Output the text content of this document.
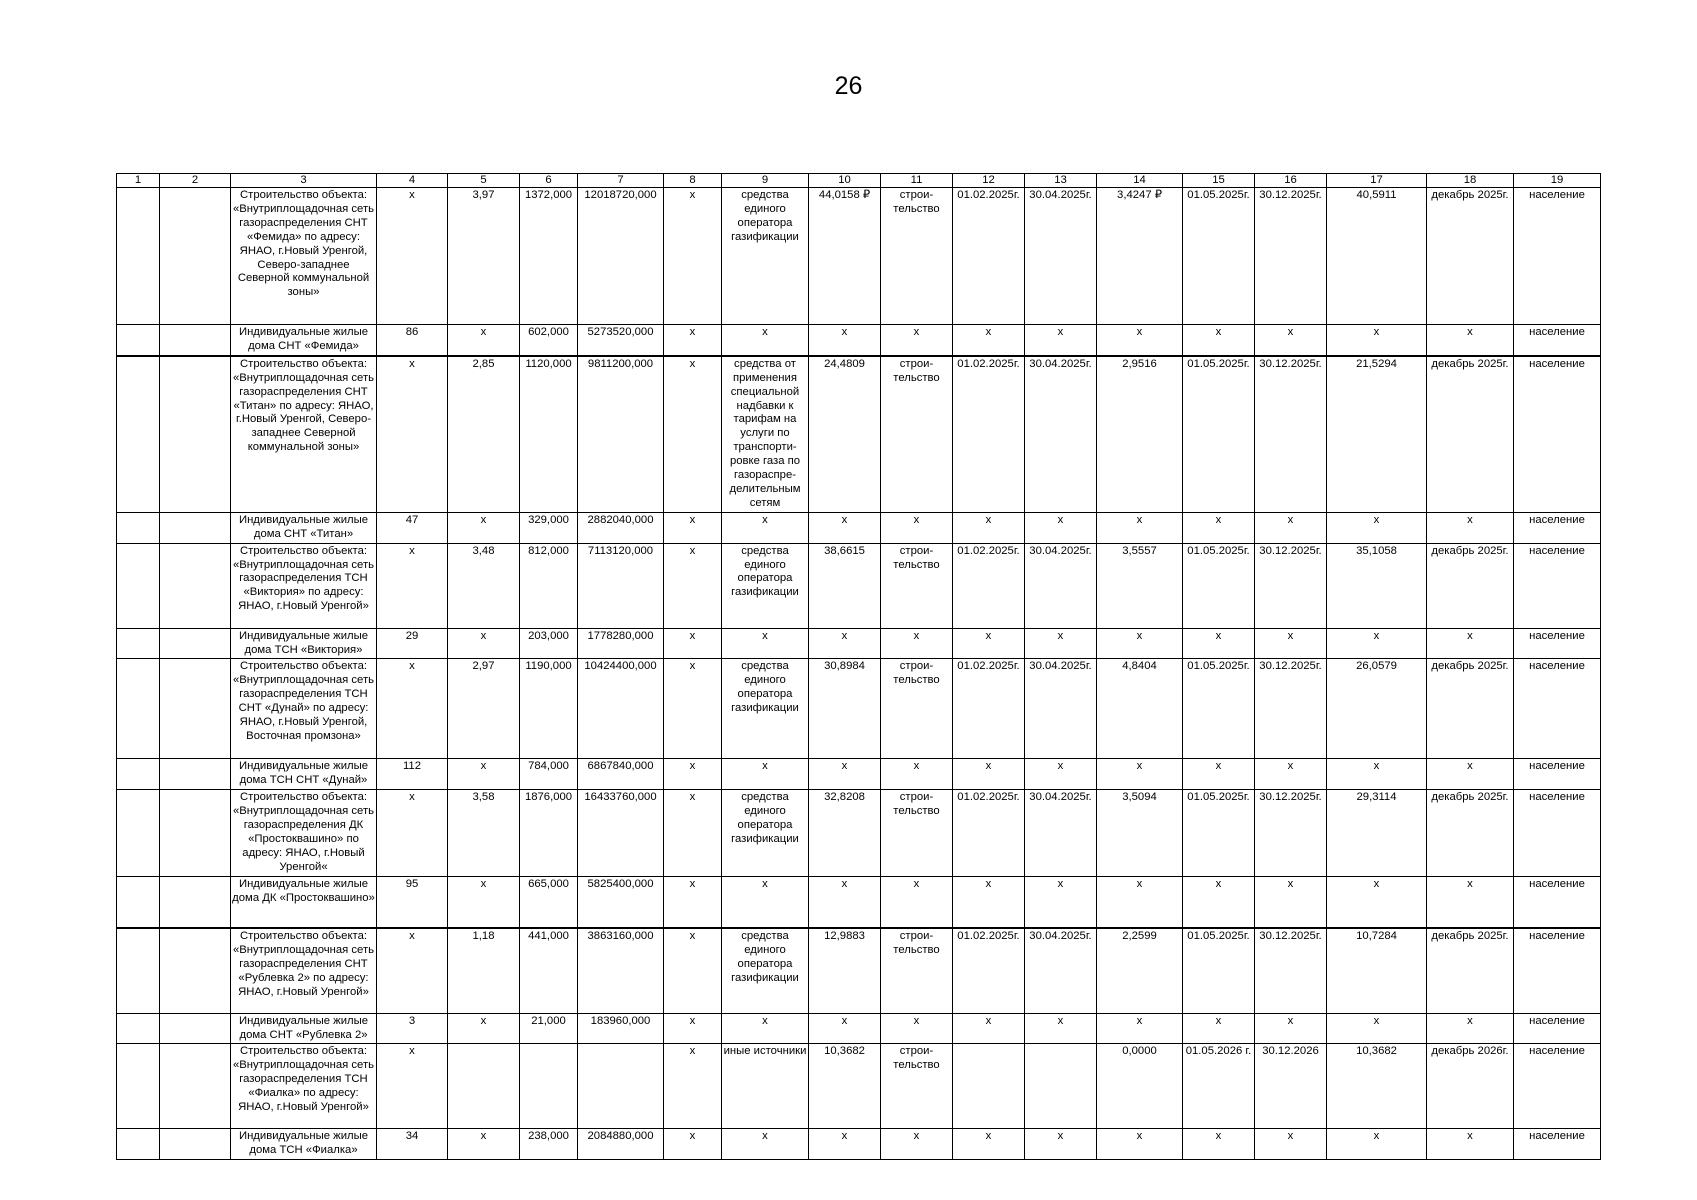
26
1	2	3	4	5	6	7	8	9	10	11	12	13	14	15	16	17	18	19
		Строительство объекта: «Внутриплощадочная сеть газораспределения СНТ «Фемида» по адресу: ЯНАО, г.Новый Уренгой, Северо-западнее Северной коммунальной зоны»	х	3,97	1372,000	12018720,000	х	средства единого оператора газификации	44,0158 ₽	строи-тельство	01.02.2025г.	30.04.2025г.	3,4247 ₽	01.05.2025г.	30.12.2025г.	40,5911	декабрь 2025г.	население
		Индивидуальные жилые дома СНТ «Фемида»	86	х	602,000	5273520,000	х	х	х	х	х	х	х	х	х	х	х	население
		Строительство объекта: «Внутриплощадочная сеть газораспределения СНТ «Титан» по адресу: ЯНАО, г.Новый Уренгой, Северо-западнее Северной коммунальной зоны»	х	2,85	1120,000	9811200,000	х	средства от применения специальной надбавки к тарифам на услуги по транспорти-ровке газа по газораспре-делительным сетям	24,4809	строи-тельство	01.02.2025г.	30.04.2025г.	2,9516	01.05.2025г.	30.12.2025г.	21,5294	декабрь 2025г.	население
		Индивидуальные жилые дома СНТ «Титан»	47	х	329,000	2882040,000	х	х	х	х	х	х	х	х	х	х	х	население
		Строительство объекта: «Внутриплощадочная сеть газораспределения ТСН «Виктория» по адресу: ЯНАО, г.Новый Уренгой»	х	3,48	812,000	7113120,000	х	средства единого оператора газификации	38,6615	строи-тельство	01.02.2025г.	30.04.2025г.	3,5557	01.05.2025г.	30.12.2025г.	35,1058	декабрь 2025г.	население
		Индивидуальные жилые дома ТСН «Виктория»	29	х	203,000	1778280,000	х	х	х	х	х	х	х	х	х	х	х	население
		Строительство объекта: «Внутриплощадочная сеть газораспределения ТСН СНТ «Дунай» по адресу: ЯНАО, г.Новый Уренгой, Восточная промзона»	х	2,97	1190,000	10424400,000	х	средства единого оператора газификации	30,8984	строи-тельство	01.02.2025г.	30.04.2025г.	4,8404	01.05.2025г.	30.12.2025г.	26,0579	декабрь 2025г.	население
		Индивидуальные жилые дома ТСН СНТ «Дунай»	112	х	784,000	6867840,000	х	х	х	х	х	х	х	х	х	х	х	население
		Строительство объекта: «Внутриплощадочная сеть газораспределения ДК «Простоквашино» по адресу: ЯНАО, г.Новый Уренгой«	х	3,58	1876,000	16433760,000	х	средства единого оператора газификации	32,8208	строи-тельство	01.02.2025г.	30.04.2025г.	3,5094	01.05.2025г.	30.12.2025г.	29,3114	декабрь 2025г.	население
		Индивидуальные жилые дома ДК «Простоквашино»	95	х	665,000	5825400,000	х	х	х	х	х	х	х	х	х	х	х	население
		Строительство объекта: «Внутриплощадочная сеть газораспределения СНТ «Рублевка 2» по адресу: ЯНАО, г.Новый Уренгой»	х	1,18	441,000	3863160,000	х	средства единого оператора газификации	12,9883	строи-тельство	01.02.2025г.	30.04.2025г.	2,2599	01.05.2025г.	30.12.2025г.	10,7284	декабрь 2025г.	население
		Индивидуальные жилые дома СНТ «Рублевка 2»	3	х	21,000	183960,000	х	х	х	х	х	х	х	х	х	х	х	население
		Строительство объекта: «Внутриплощадочная сеть газораспределения ТСН «Фиалка» по адресу: ЯНАО, г.Новый Уренгой»	х				х	иные источники	10,3682	строи-тельство			0,0000	01.05.2026 г.	30.12.2026	10,3682	декабрь 2026г.	население
		Индивидуальные жилые дома ТСН «Фиалка»	34	х	238,000	2084880,000	х	х	х	х	х	х	х	х	х	х	х	население
